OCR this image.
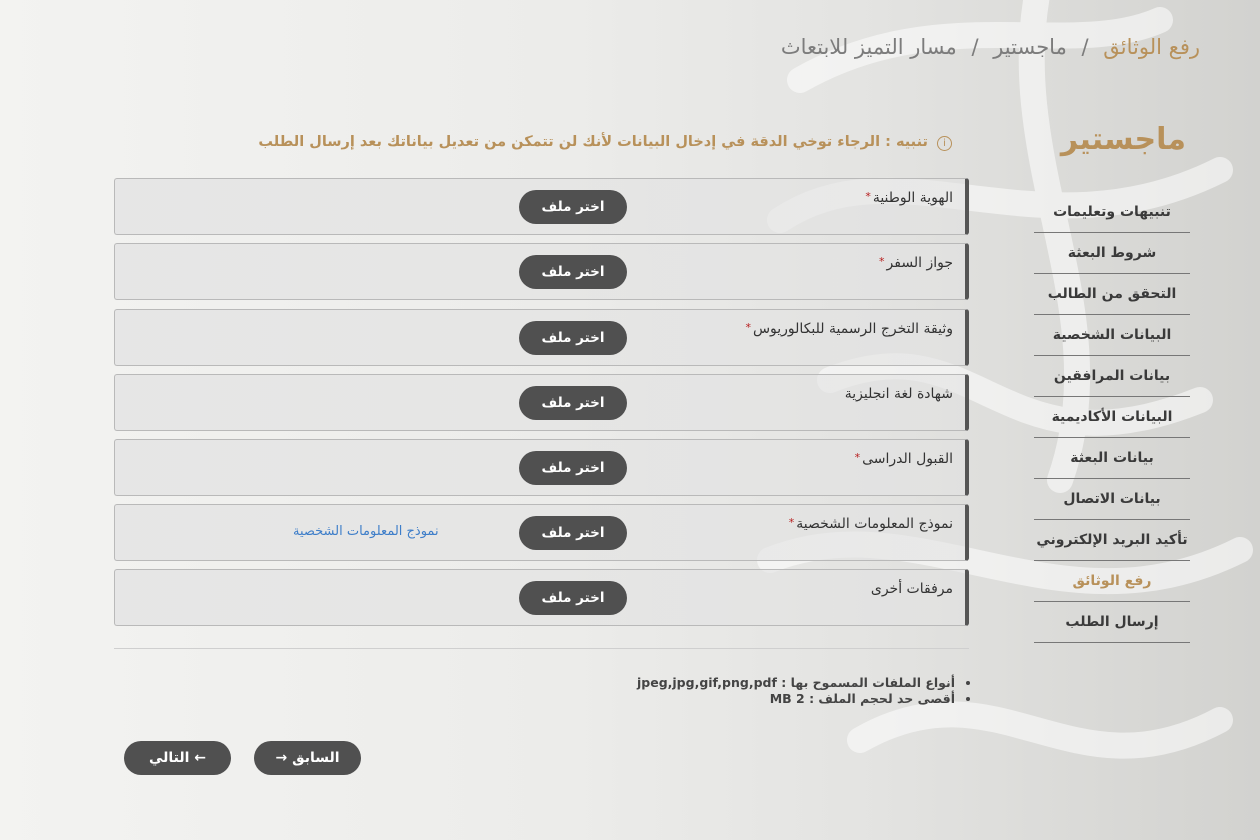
رفع الوثائق / ماجستير / مسار التميز للابتعاث
ماجستير
تنبيهات وتعليمات
شروط البعثة
التحقق من الطالب
البيانات الشخصية
بيانات المرافقين
البيانات الأكاديمية
بيانات البعثة
بيانات الاتصال
تأكيد البريد الإلكتروني
رفع الوثائق
إرسال الطلب
i تنبيه : الرجاء توخي الدقة في إدخال البيانات لأنك لن تتمكن من تعديل بياناتك بعد إرسال الطلب
الهوية الوطنية*
اختر ملف
جواز السفر*
اختر ملف
وثيقة التخرج الرسمية للبكالوريوس*
اختر ملف
شهادة لغة انجليزية
اختر ملف
القبول الدراسى*
اختر ملف
نموذج المعلومات الشخصية*
اختر ملف
نموذج المعلومات الشخصية
مرفقات أخرى
اختر ملف
• أنواع الملفات المسموح بها : jpeg,jpg,gif,png,pdf
• أقصى حد لحجم الملف : MB 2
التالي ←	→ السابق
